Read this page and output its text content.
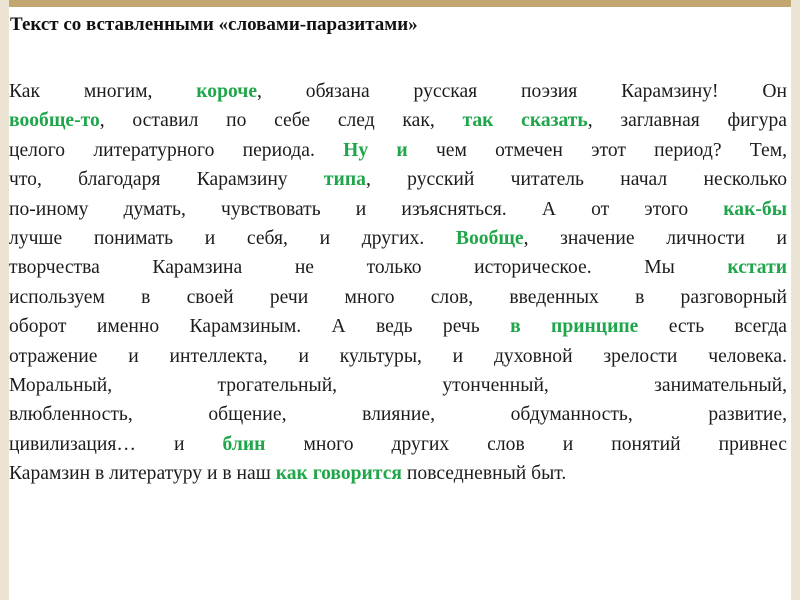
Текст со вставленными «словами-паразитами»
Как многим, короче, обязана русская поэзия Карамзину! Он
вообще-то, оставил по себе след как, так сказать, заглавная фигура
целого литературного периода. Ну и чем отмечен этот период? Тем,
что, благодаря Карамзину типа, русский читатель начал несколько
по-иному думать, чувствовать и изъясняться. А от этого как-бы
лучше понимать и себя, и других. Вообще, значение личности и
творчества Карамзина не только историческое. Мы кстати
используем в своей речи много слов, введенных в разговорный
оборот именно Карамзиным. А ведь речь в принципе есть всегда
отражение и интеллекта, и культуры, и духовной зрелости человека.
Моральный, трогательный, утонченный, занимательный,
влюбленность, общение, влияние, обдуманность, развитие,
цивилизация… и блин много других слов и понятий привнес
Карамзин в литературу и в наш как говорится повседневный быт.
